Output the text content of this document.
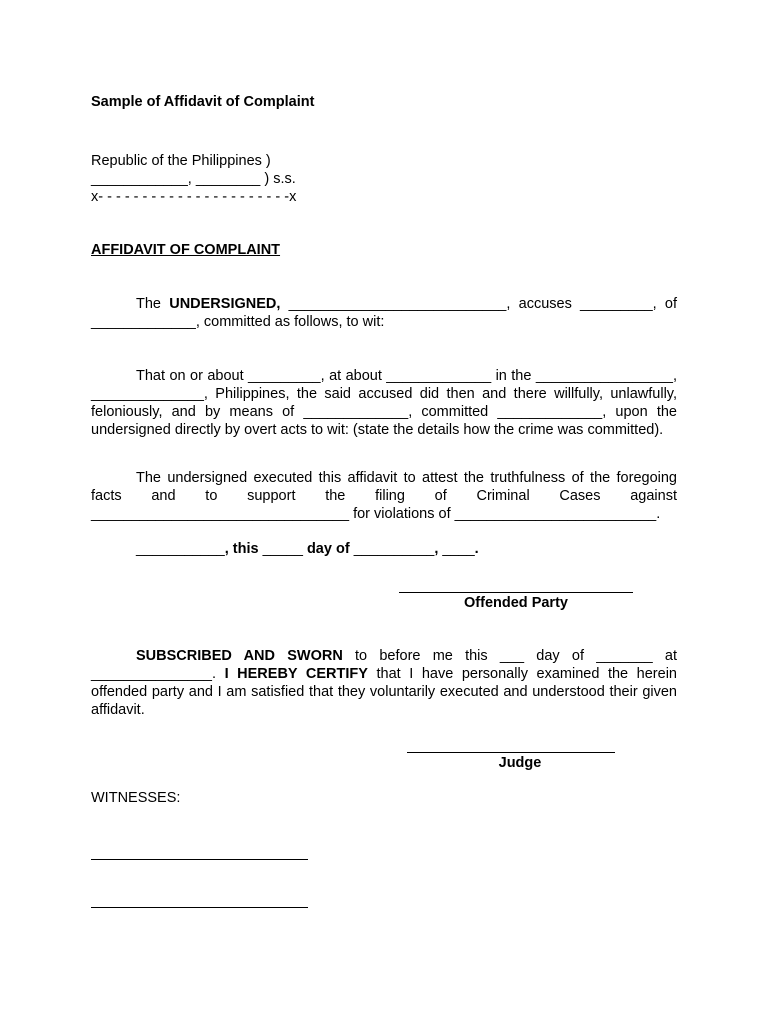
Sample of Affidavit of Complaint
Republic of the Philippines )
____________, ________ ) s.s.
x- - - - - - - - - - - - - - - - - - - - - -x
AFFIDAVIT OF COMPLAINT
The UNDERSIGNED, ___________________________, accuses _________, of _____________, committed as follows, to wit:
That on or about _________, at about _____________ in the _________________, ______________, Philippines, the said accused did then and there willfully, unlawfully, feloniously, and by means of _____________, committed _____________, upon the undersigned directly by overt acts to wit: (state the details how the crime was committed).
The undersigned executed this affidavit to attest the truthfulness of the foregoing facts and to support the filing of Criminal Cases against ________________________________ for violations of _________________________.
___________, this _____ day of __________, ____.
Offended Party
SUBSCRIBED AND SWORN to before me this ___ day of _______ at _______________. I HEREBY CERTIFY that I have personally examined the herein offended party and I am satisfied that they voluntarily executed and understood their given affidavit.
Judge
WITNESSES:
